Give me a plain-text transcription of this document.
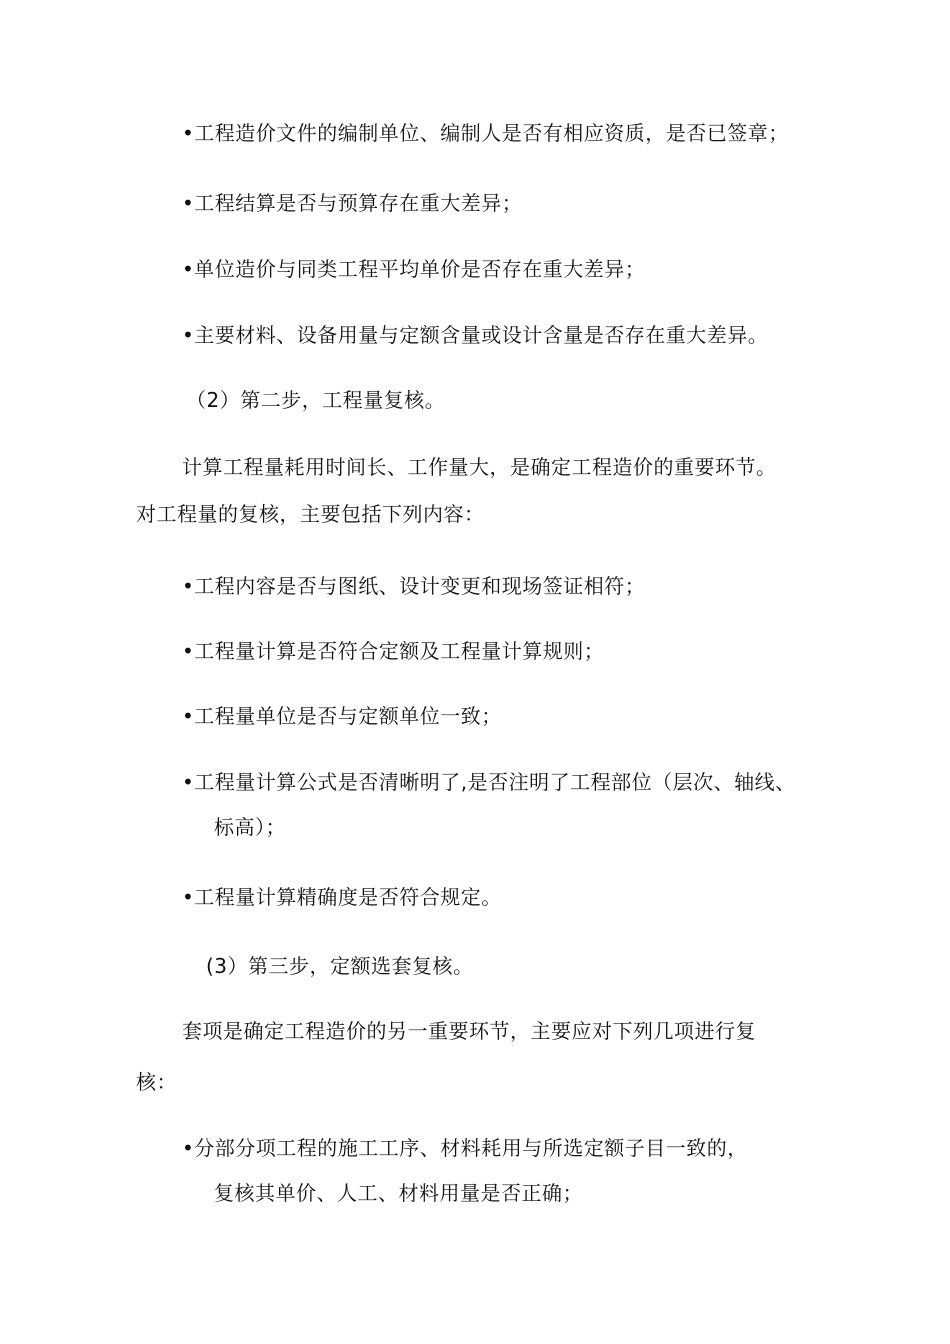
•工程造价文件的编制单位、编制人是否有相应资质，是否已签章；
•工程结算是否与预算存在重大差异；
•单位造价与同类工程平均单价是否存在重大差异；
•主要材料、设备用量与定额含量或设计含量是否存在重大差异。
（2）第二步，工程量复核。
计算工程量耗用时间长、工作量大，是确定工程造价的重要环节。
对工程量的复核，主要包括下列内容：
•工程内容是否与图纸、设计变更和现场签证相符；
•工程量计算是否符合定额及工程量计算规则；
•工程量单位是否与定额单位一致；
•工程量计算公式是否清晰明了,是否注明了工程部位（层次、轴线、
标高）；
•工程量计算精确度是否符合规定。
(3）第三步，定额选套复核。
套项是确定工程造价的另一重要环节，主要应对下列几项进行复
核：
•分部分项工程的施工工序、材料耗用与所选定额子目一致的，
复核其单价、人工、材料用量是否正确；
